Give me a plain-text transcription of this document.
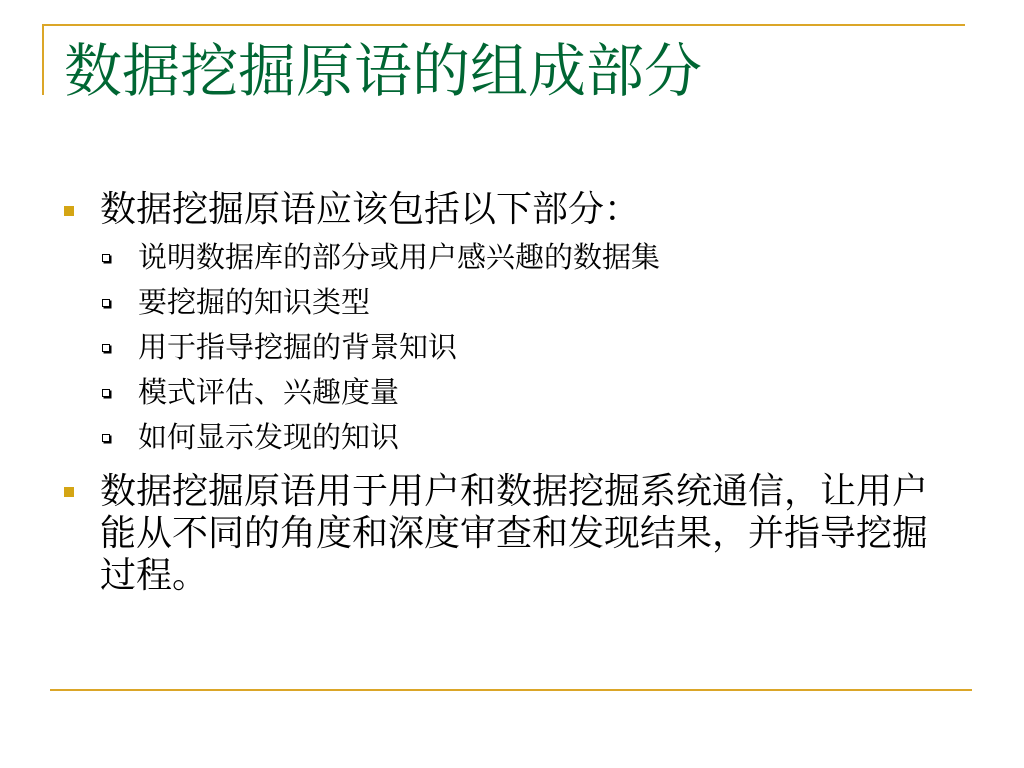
数据挖掘原语的组成部分
数据挖掘原语应该包括以下部分：
说明数据库的部分或用户感兴趣的数据集
要挖掘的知识类型
用于指导挖掘的背景知识
模式评估、兴趣度量
如何显示发现的知识
数据挖掘原语用于用户和数据挖掘系统通信，让用户能从不同的角度和深度审查和发现结果，并指导挖掘过程。
